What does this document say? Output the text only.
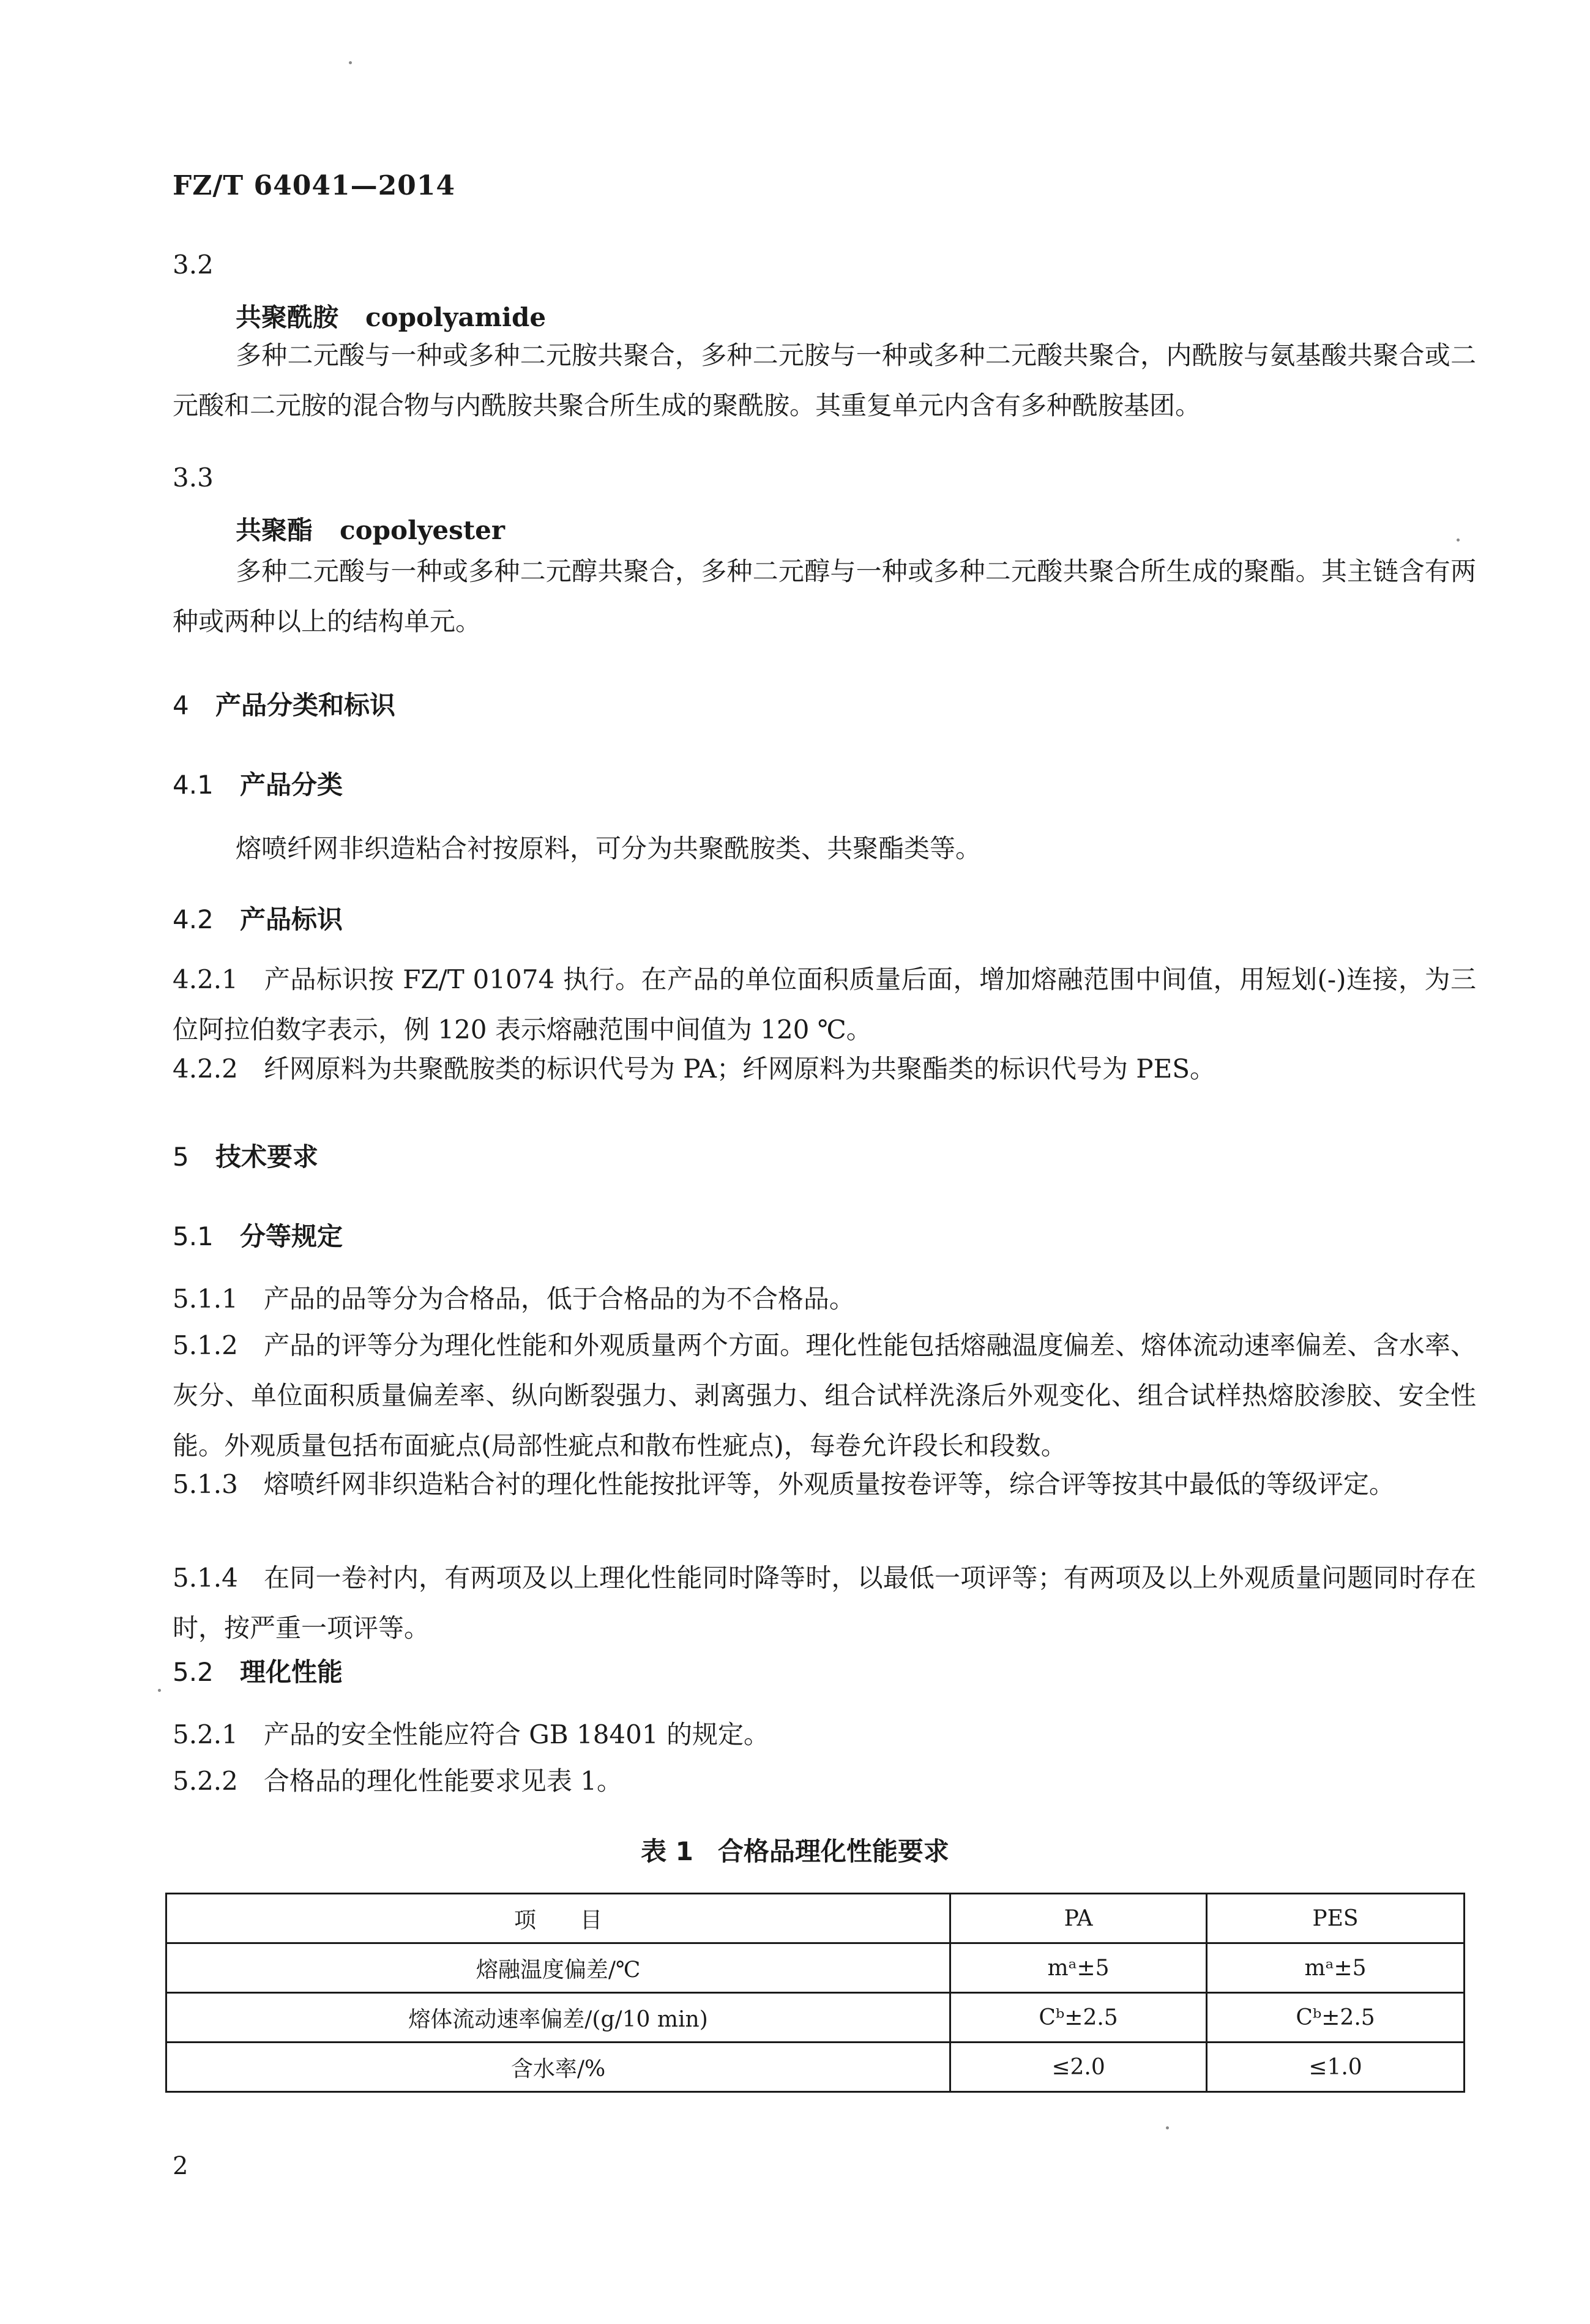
FZ/T 64041—2014
3.2
共聚酰胺 copolyamide
多种二元酸与一种或多种二元胺共聚合，多种二元胺与一种或多种二元酸共聚合，内酰胺与氨基酸共聚合或二元酸和二元胺的混合物与内酰胺共聚合所生成的聚酰胺。其重复单元内含有多种酰胺基团。
3.3
共聚酯 copolyester
多种二元酸与一种或多种二元醇共聚合，多种二元醇与一种或多种二元酸共聚合所生成的聚酯。其主链含有两种或两种以上的结构单元。
4 产品分类和标识
4.1 产品分类
熔喷纤网非织造粘合衬按原料，可分为共聚酰胺类、共聚酯类等。
4.2 产品标识
4.2.1　产品标识按 FZ/T 01074 执行。在产品的单位面积质量后面，增加熔融范围中间值，用短划(-)连接，为三位阿拉伯数字表示，例 120 表示熔融范围中间值为 120 ℃。
4.2.2　纤网原料为共聚酰胺类的标识代号为 PA；纤网原料为共聚酯类的标识代号为 PES。
5 技术要求
5.1 分等规定
5.1.1　产品的品等分为合格品，低于合格品的为不合格品。
5.1.2　产品的评等分为理化性能和外观质量两个方面。理化性能包括熔融温度偏差、熔体流动速率偏差、含水率、灰分、单位面积质量偏差率、纵向断裂强力、剥离强力、组合试样洗涤后外观变化、组合试样热熔胶渗胶、安全性能。外观质量包括布面疵点(局部性疵点和散布性疵点)，每卷允许段长和段数。
5.1.3　熔喷纤网非织造粘合衬的理化性能按批评等，外观质量按卷评等，综合评等按其中最低的等级评定。
5.1.4　在同一卷衬内，有两项及以上理化性能同时降等时，以最低一项评等；有两项及以上外观质量问题同时存在时，按严重一项评等。
5.2 理化性能
5.2.1　产品的安全性能应符合 GB 18401 的规定。
5.2.2　合格品的理化性能要求见表 1。
表 1 合格品理化性能要求
项　　目	PA	PES
熔融温度偏差/℃	mᵃ±5	mᵃ±5
熔体流动速率偏差/(g/10 min)	Cᵇ±2.5	Cᵇ±2.5
含水率/%	≤2.0	≤1.0
2
